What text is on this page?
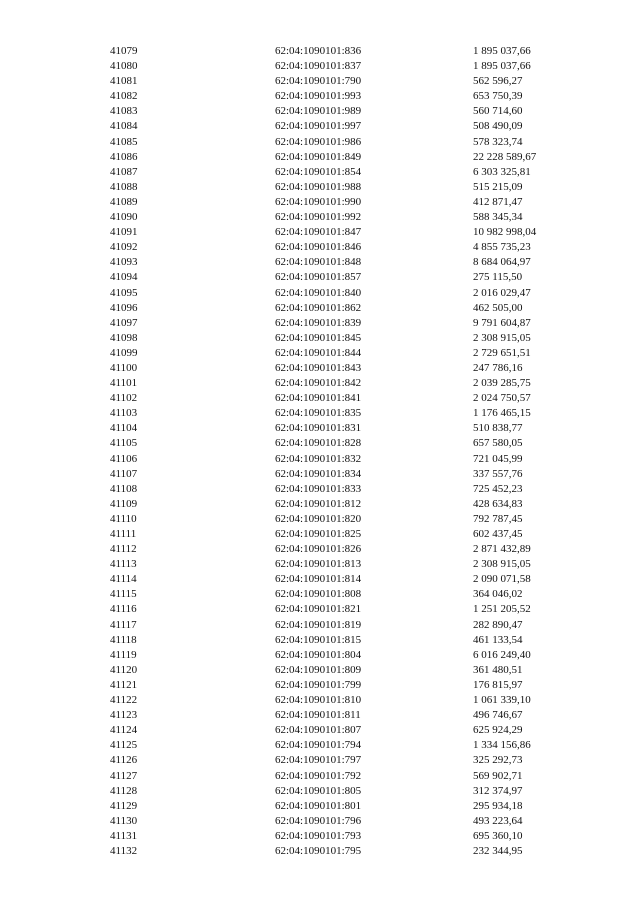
41079	62:04:1090101:836	1 895 037,66
41080	62:04:1090101:837	1 895 037,66
41081	62:04:1090101:790	562 596,27
41082	62:04:1090101:993	653 750,39
41083	62:04:1090101:989	560 714,60
41084	62:04:1090101:997	508 490,09
41085	62:04:1090101:986	578 323,74
41086	62:04:1090101:849	22 228 589,67
41087	62:04:1090101:854	6 303 325,81
41088	62:04:1090101:988	515 215,09
41089	62:04:1090101:990	412 871,47
41090	62:04:1090101:992	588 345,34
41091	62:04:1090101:847	10 982 998,04
41092	62:04:1090101:846	4 855 735,23
41093	62:04:1090101:848	8 684 064,97
41094	62:04:1090101:857	275 115,50
41095	62:04:1090101:840	2 016 029,47
41096	62:04:1090101:862	462 505,00
41097	62:04:1090101:839	9 791 604,87
41098	62:04:1090101:845	2 308 915,05
41099	62:04:1090101:844	2 729 651,51
41100	62:04:1090101:843	247 786,16
41101	62:04:1090101:842	2 039 285,75
41102	62:04:1090101:841	2 024 750,57
41103	62:04:1090101:835	1 176 465,15
41104	62:04:1090101:831	510 838,77
41105	62:04:1090101:828	657 580,05
41106	62:04:1090101:832	721 045,99
41107	62:04:1090101:834	337 557,76
41108	62:04:1090101:833	725 452,23
41109	62:04:1090101:812	428 634,83
41110	62:04:1090101:820	792 787,45
41111	62:04:1090101:825	602 437,45
41112	62:04:1090101:826	2 871 432,89
41113	62:04:1090101:813	2 308 915,05
41114	62:04:1090101:814	2 090 071,58
41115	62:04:1090101:808	364 046,02
41116	62:04:1090101:821	1 251 205,52
41117	62:04:1090101:819	282 890,47
41118	62:04:1090101:815	461 133,54
41119	62:04:1090101:804	6 016 249,40
41120	62:04:1090101:809	361 480,51
41121	62:04:1090101:799	176 815,97
41122	62:04:1090101:810	1 061 339,10
41123	62:04:1090101:811	496 746,67
41124	62:04:1090101:807	625 924,29
41125	62:04:1090101:794	1 334 156,86
41126	62:04:1090101:797	325 292,73
41127	62:04:1090101:792	569 902,71
41128	62:04:1090101:805	312 374,97
41129	62:04:1090101:801	295 934,18
41130	62:04:1090101:796	493 223,64
41131	62:04:1090101:793	695 360,10
41132	62:04:1090101:795	232 344,95
